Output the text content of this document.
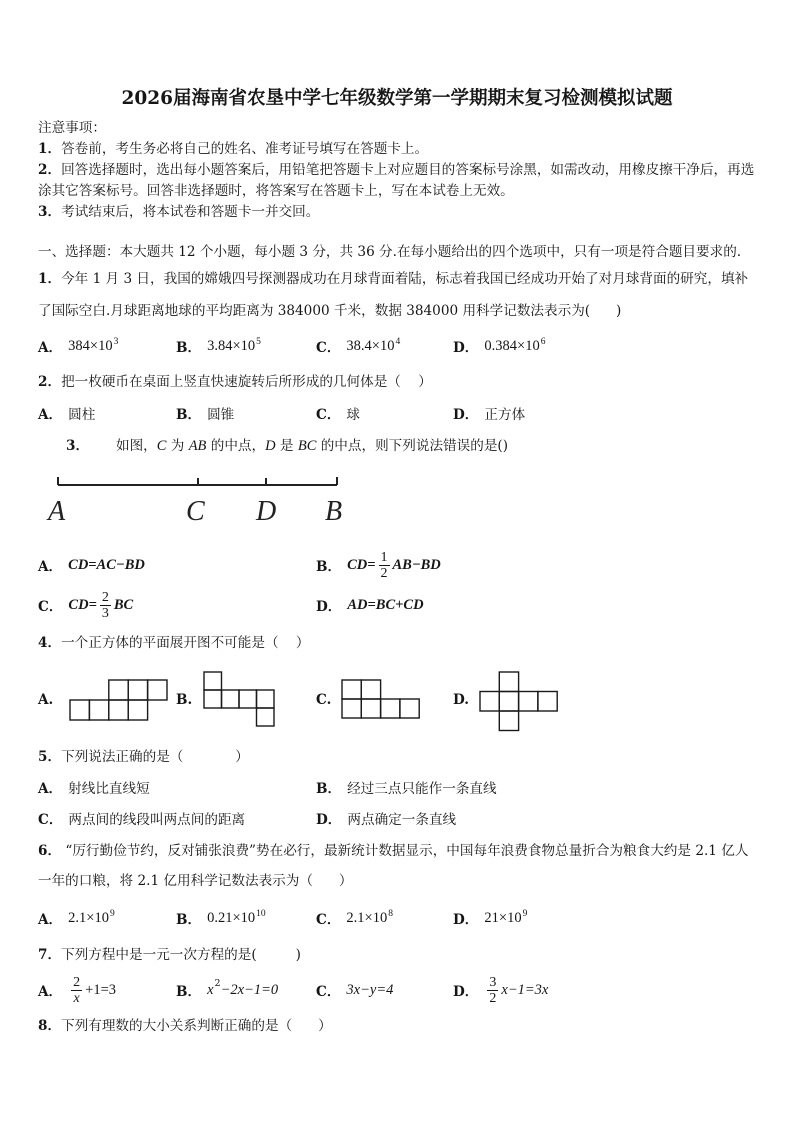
2026届海南省农垦中学七年级数学第一学期期末复习检测模拟试题
注意事项：
1．答卷前，考生务必将自己的姓名、准考证号填写在答题卡上。
2．回答选择题时，选出每小题答案后，用铅笔把答题卡上对应题目的答案标号涂黑，如需改动，用橡皮擦干净后，再选涂其它答案标号。回答非选择题时，将答案写在答题卡上，写在本试卷上无效。
3．考试结束后，将本试卷和答题卡一并交回。
一、选择题：本大题共 12 个小题，每小题 3 分，共 36 分.在每小题给出的四个选项中，只有一项是符合题目要求的.
1．今年 1 月 3 日，我国的嫦娥四号探测器成功在月球背面着陆，标志着我国已经成功开始了对月球背面的研究，填补了国际空白.月球距离地球的平均距离为 384000 千米，数据 384000 用科学记数法表示为(      )
A． $384\times 10^3$	B． $3.84\times 10^5$	C． $38.4\times 10^4$	D． $0.384\times 10^6$
2．把一枚硬币在桌面上竖直快速旋转后所形成的几何体是（    ）
A． 圆柱	B． 圆锥	C． 球	D． 正方体
3． 如图，C 为 AB 的中点，D 是 BC 的中点，则下列说法错误的是()
A	C D B
A． CD=AC−BD	B． $CD= \frac{1}{2} AB-BD$
C． $CD= \frac{2}{3}$ BC	D． AD=BC+CD
4．一个正方体的平面展开图不可能是（    ）
A.	B.	C.	D.
5．下列说法正确的是（            ）
A． 射线比直线短	B． 经过三点只能作一条直线
C． 两点间的线段叫两点间的距离	D． 两点确定一条直线
6． “厉行勤俭节约，反对铺张浪费”势在必行，最新统计数据显示，中国每年浪费食物总量折合为粮食大约是 2.1 亿人一年的口粮，将 2.1 亿用科学记数法表示为（      ）
A． $2.1\times 10^9$	B． $0.21\times 10^{10}$	C． $2.1\times 10^8$	D． $21\times 10^9$
7．下列方程中是一元一次方程的是(         )
A． $\frac{2}{x} +1=3$	B． $x^2 -2x-1=0$	C． 3x−y=4	D． $\frac{3}{2} x-1=3x$
8．下列有理数的大小关系判断正确的是（      ）
